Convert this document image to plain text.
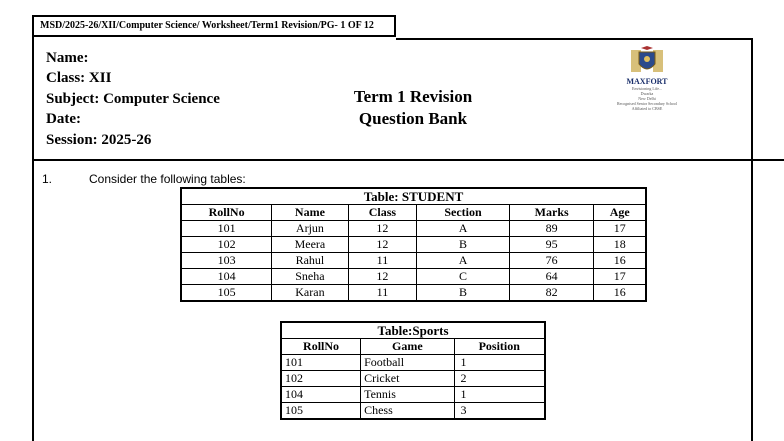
MSD/2025-26/XII/Computer Science/ Worksheet/Term1 Revision/PG- 1 OF 12
Name:
Class: XII
Subject: Computer Science
Date:
Session: 2025-26
Term 1 Revision
Question Bank
MAXFORT
Envisioning Life...
Dwarka
New Delhi
Recognised Senior Secondary School
Affiliated to CBSE
1.	Consider the following tables:
Table: STUDENT					
RollNo	Name	Class	Section	Marks	Age
101	Arjun	12	A	89	17
102	Meera	12	B	95	18
103	Rahul	11	A	76	16
104	Sneha	12	C	64	17
105	Karan	11	B	82	16
Table:Sports		
RollNo	Game	Position
101	Football	1
102	Cricket	2
104	Tennis	1
105	Chess	3
